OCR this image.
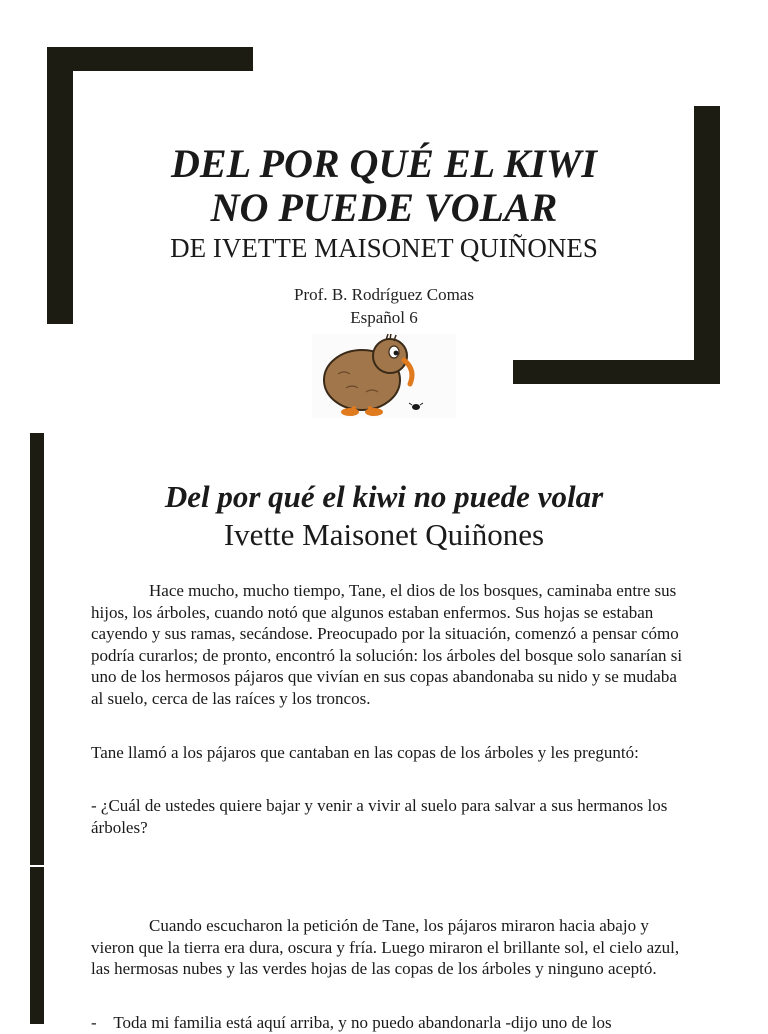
DEL POR QUÉ EL KIWI
NO PUEDE VOLAR
DE IVETTE MAISONET QUIÑONES
Prof. B. Rodríguez Comas
Español 6
Del por qué el kiwi no puede volar
Ivette Maisonet Quiñones

Hace mucho, mucho tiempo, Tane, el dios de los bosques, caminaba entre sus hijos, los árboles, cuando notó que algunos estaban enfermos. Sus hojas se estaban cayendo y sus ramas, secándose. Preocupado por la situación, comenzó a pensar cómo podría curarlos; de pronto, encontró la solución: los árboles del bosque solo sanarían si uno de los hermosos pájaros que vivían en sus copas abandonaba su nido y se mudaba al suelo, cerca de las raíces y los troncos.

Tane llamó a los pájaros que cantaban en las copas de los árboles y les preguntó:

- ¿Cuál de ustedes quiere bajar y venir a vivir al suelo para salvar a sus hermanos los árboles?

Cuando escucharon la petición de Tane, los pájaros miraron hacia abajo y vieron que la tierra era dura, oscura y fría. Luego miraron el brillante sol, el cielo azul, las hermosas nubes y las verdes hojas de las copas de los árboles y ninguno aceptó.

-    Toda mi familia está aquí arriba, y no puedo abandonarla -dijo uno de los
